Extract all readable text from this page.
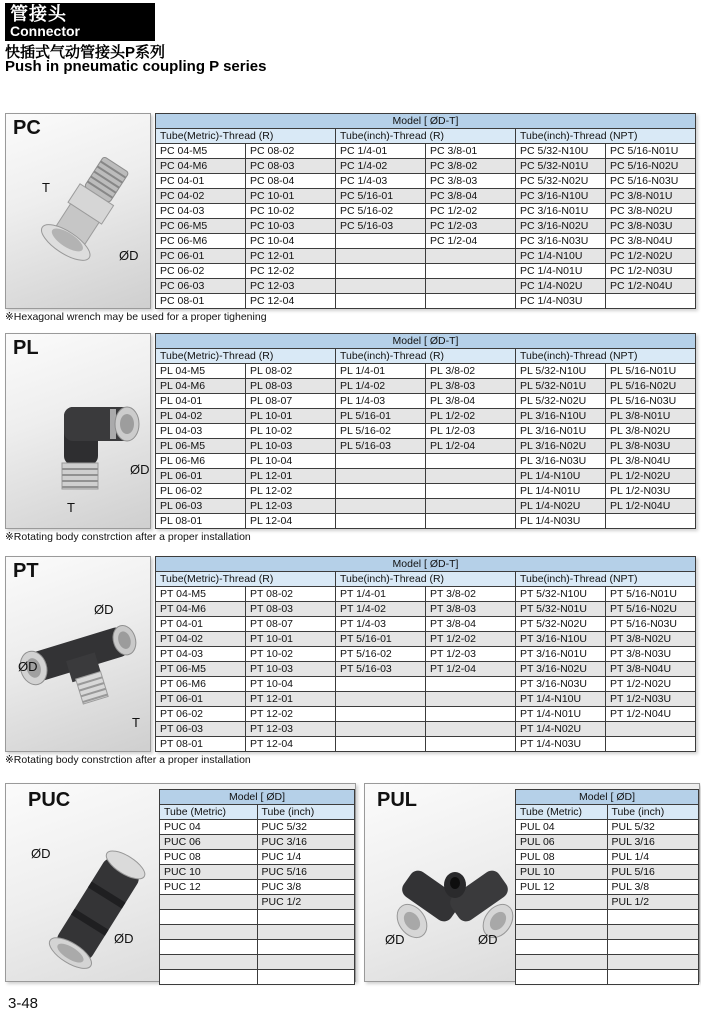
管接头
Connector
快插式气动管接头P系列
Push in pneumatic coupling P series
PC
T
ØD
Model [ ØD-T]					
Tube(Metric)-Thread (R)		Tube(inch)-Thread (R)		Tube(inch)-Thread (NPT)	
PC 04-M5	PC 08-02	PC 1/4-01	PC 3/8-01	PC 5/32-N10U	PC 5/16-N01U
PC 04-M6	PC 08-03	PC 1/4-02	PC 3/8-02	PC 5/32-N01U	PC 5/16-N02U
PC 04-01	PC 08-04	PC 1/4-03	PC 3/8-03	PC 5/32-N02U	PC 5/16-N03U
PC 04-02	PC 10-01	PC 5/16-01	PC 3/8-04	PC 3/16-N10U	PC 3/8-N01U
PC 04-03	PC 10-02	PC 5/16-02	PC 1/2-02	PC 3/16-N01U	PC 3/8-N02U
PC 06-M5	PC 10-03	PC 5/16-03	PC 1/2-03	PC 3/16-N02U	PC 3/8-N03U
PC 06-M6	PC 10-04		PC 1/2-04	PC 3/16-N03U	PC 3/8-N04U
PC 06-01	PC 12-01			PC 1/4-N10U	PC 1/2-N02U
PC 06-02	PC 12-02			PC 1/4-N01U	PC 1/2-N03U
PC 06-03	PC 12-03			PC 1/4-N02U	PC 1/2-N04U
PC 08-01	PC 12-04			PC 1/4-N03U	
※Hexagonal wrench may be used for a proper tighening
PL
ØD
T
Model [ ØD-T]					
Tube(Metric)-Thread (R)		Tube(inch)-Thread (R)		Tube(inch)-Thread (NPT)	
PL 04-M5	PL 08-02	PL 1/4-01	PL 3/8-02	PL 5/32-N10U	PL 5/16-N01U
PL 04-M6	PL 08-03	PL 1/4-02	PL 3/8-03	PL 5/32-N01U	PL 5/16-N02U
PL 04-01	PL 08-07	PL 1/4-03	PL 3/8-04	PL 5/32-N02U	PL 5/16-N03U
PL 04-02	PL 10-01	PL 5/16-01	PL 1/2-02	PL 3/16-N10U	PL 3/8-N01U
PL 04-03	PL 10-02	PL 5/16-02	PL 1/2-03	PL 3/16-N01U	PL 3/8-N02U
PL 06-M5	PL 10-03	PL 5/16-03	PL 1/2-04	PL 3/16-N02U	PL 3/8-N03U
PL 06-M6	PL 10-04			PL 3/16-N03U	PL 3/8-N04U
PL 06-01	PL 12-01			PL 1/4-N10U	PL 1/2-N02U
PL 06-02	PL 12-02			PL 1/4-N01U	PL 1/2-N03U
PL 06-03	PL 12-03			PL 1/4-N02U	PL 1/2-N04U
PL 08-01	PL 12-04			PL 1/4-N03U	
※Rotating body constrction after a proper installation
PT
ØD
ØD
T
Model [ ØD-T]					
Tube(Metric)-Thread (R)		Tube(inch)-Thread (R)		Tube(inch)-Thread (NPT)	
PT 04-M5	PT 08-02	PT 1/4-01	PT 3/8-02	PT 5/32-N10U	PT 5/16-N01U
PT 04-M6	PT 08-03	PT 1/4-02	PT 3/8-03	PT 5/32-N01U	PT 5/16-N02U
PT 04-01	PT 08-07	PT 1/4-03	PT 3/8-04	PT 5/32-N02U	PT 5/16-N03U
PT 04-02	PT 10-01	PT 5/16-01	PT 1/2-02	PT 3/16-N10U	PT 3/8-N02U
PT 04-03	PT 10-02	PT 5/16-02	PT 1/2-03	PT 3/16-N01U	PT 3/8-N03U
PT 06-M5	PT 10-03	PT 5/16-03	PT 1/2-04	PT 3/16-N02U	PT 3/8-N04U
PT 06-M6	PT 10-04			PT 3/16-N03U	PT 1/2-N02U
PT 06-01	PT 12-01			PT 1/4-N10U	PT 1/2-N03U
PT 06-02	PT 12-02			PT 1/4-N01U	PT 1/2-N04U
PT 06-03	PT 12-03			PT 1/4-N02U	
PT 08-01	PT 12-04			PT 1/4-N03U	
※Rotating body constrction after a proper installation
PUC
ØD
ØD
Model [ ØD]	
Tube (Metric)	Tube (inch)
PUC 04	PUC 5/32
PUC 06	PUC 3/16
PUC 08	PUC 1/4
PUC 10	PUC 5/16
PUC 12	PUC 3/8
	PUC 1/2

PUL
ØD	ØD
Model [ ØD]	
Tube (Metric)	Tube (inch)
PUL 04	PUL 5/32
PUL 06	PUL 3/16
PUL 08	PUL 1/4
PUL 10	PUL 5/16
PUL 12	PUL 3/8
	PUL 1/2

3-48
